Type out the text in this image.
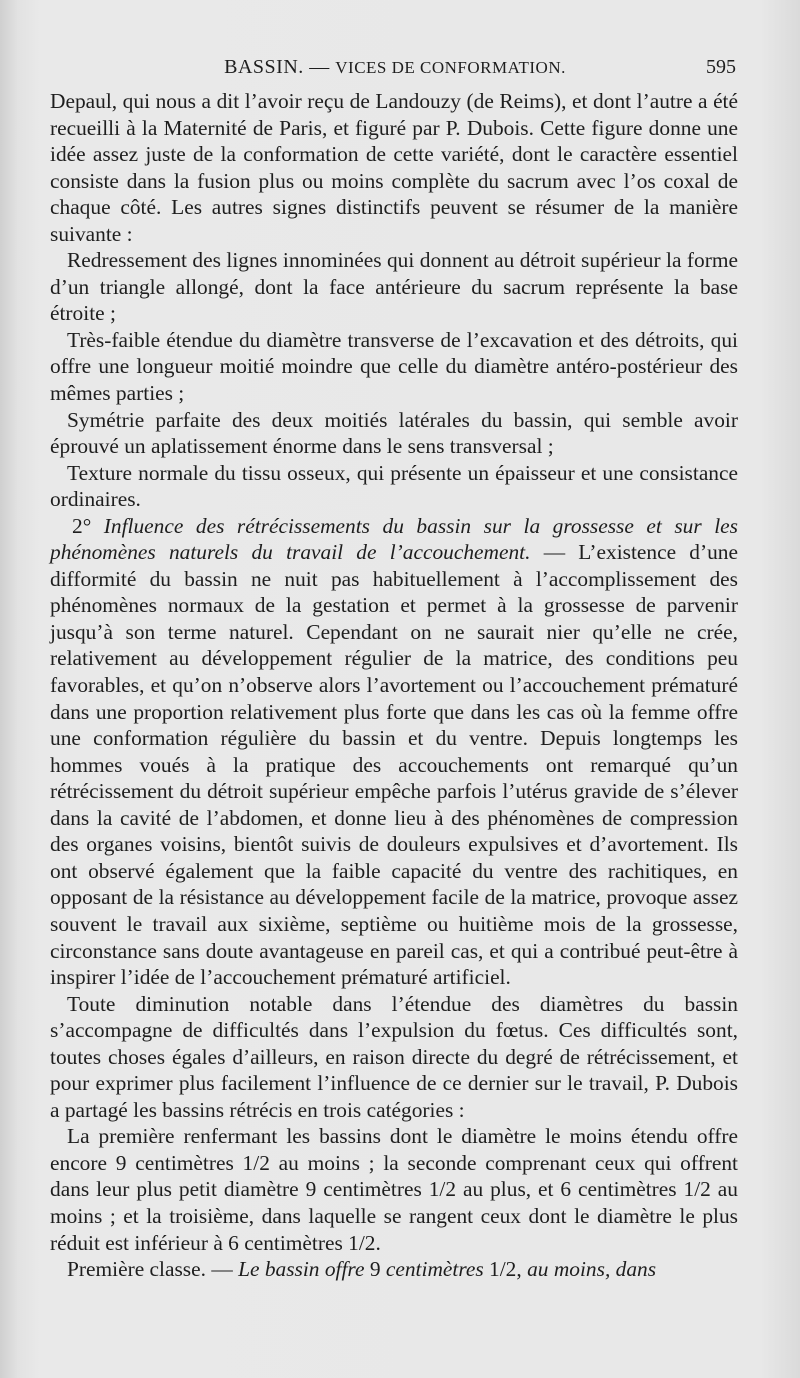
BASSIN. — VICES DE CONFORMATION.	595

Depaul, qui nous a dit l’avoir reçu de Landouzy (de Reims), et dont l’autre a été recueilli à la Maternité de Paris, et figuré par P. Dubois. Cette figure donne une idée assez juste de la conformation de cette variété, dont le caractère essentiel consiste dans la fusion plus ou moins complète du sacrum avec l’os coxal de chaque côté. Les autres signes distinctifs peuvent se résumer de la manière suivante :

Redressement des lignes innominées qui donnent au détroit supérieur la forme d’un triangle allongé, dont la face antérieure du sacrum représente la base étroite ;

Très-faible étendue du diamètre transverse de l’excavation et des détroits, qui offre une longueur moitié moindre que celle du diamètre antéro-postérieur des mêmes parties ;

Symétrie parfaite des deux moitiés latérales du bassin, qui semble avoir éprouvé un aplatissement énorme dans le sens transversal ;

Texture normale du tissu osseux, qui présente un épaisseur et une consistance ordinaires.

2° Influence des rétrécissements du bassin sur la grossesse et sur les phénomènes naturels du travail de l’accouchement. — L’existence d’une difformité du bassin ne nuit pas habituellement à l’accomplissement des phénomènes normaux de la gestation et permet à la grossesse de parvenir jusqu’à son terme naturel. Cependant on ne saurait nier qu’elle ne crée, relativement au développement régulier de la matrice, des conditions peu favorables, et qu’on n’observe alors l’avortement ou l’accouchement prématuré dans une proportion relativement plus forte que dans les cas où la femme offre une conformation régulière du bassin et du ventre. Depuis longtemps les hommes voués à la pratique des accouchements ont remarqué qu’un rétrécissement du détroit supérieur empêche parfois l’utérus gravide de s’élever dans la cavité de l’abdomen, et donne lieu à des phénomènes de compression des organes voisins, bientôt suivis de douleurs expulsives et d’avortement. Ils ont observé également que la faible capacité du ventre des rachitiques, en opposant de la résistance au développement facile de la matrice, provoque assez souvent le travail aux sixième, septième ou huitième mois de la grossesse, circonstance sans doute avantageuse en pareil cas, et qui a contribué peut-être à inspirer l’idée de l’accouchement prématuré artificiel.

Toute diminution notable dans l’étendue des diamètres du bassin s’accompagne de difficultés dans l’expulsion du fœtus. Ces difficultés sont, toutes choses égales d’ailleurs, en raison directe du degré de rétrécissement, et pour exprimer plus facilement l’influence de ce dernier sur le travail, P. Dubois a partagé les bassins rétrécis en trois catégories :

La première renfermant les bassins dont le diamètre le moins étendu offre encore 9 centimètres 1/2 au moins ; la seconde comprenant ceux qui offrent dans leur plus petit diamètre 9 centimètres 1/2 au plus, et 6 centimètres 1/2 au moins ; et la troisième, dans laquelle se rangent ceux dont le diamètre le plus réduit est inférieur à 6 centimètres 1/2.

Première classe. — Le bassin offre 9 centimètres 1/2, au moins, dans
